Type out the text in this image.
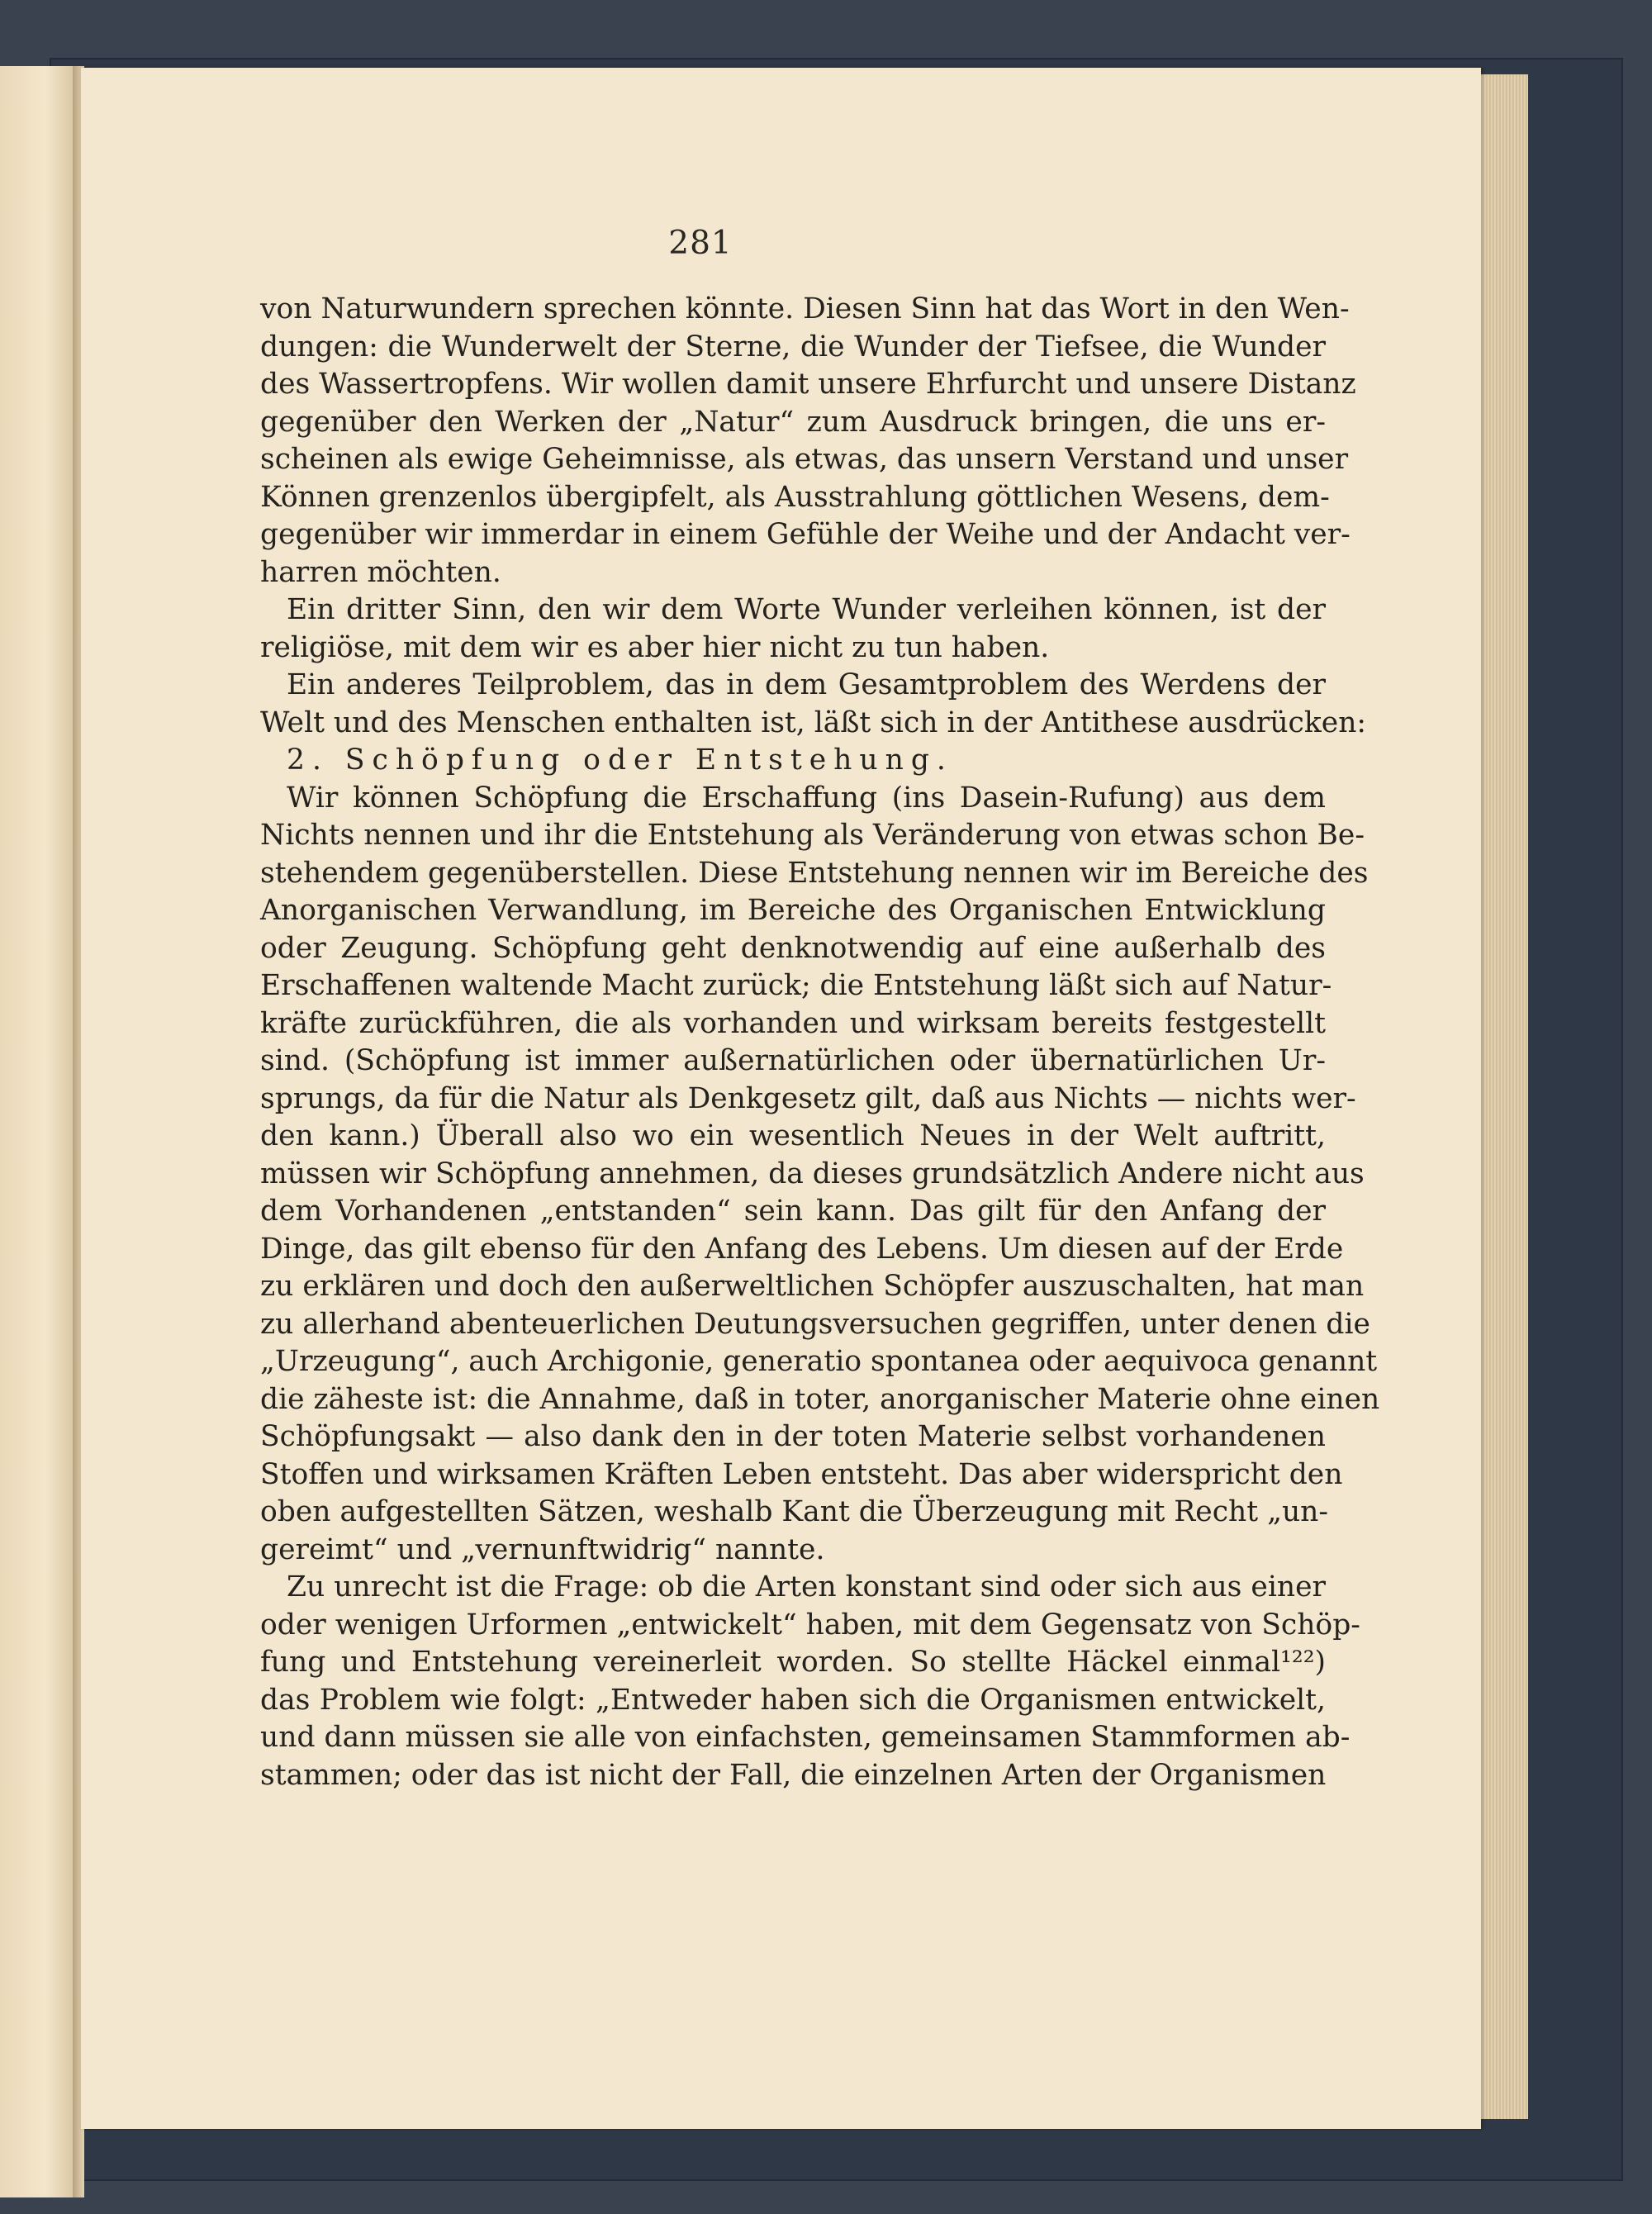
281
von Naturwundern sprechen könnte. Diesen Sinn hat das Wort in den Wen-
dungen: die Wunderwelt der Sterne, die Wunder der Tiefsee, die Wunder
des Wassertropfens. Wir wollen damit unsere Ehrfurcht und unsere Distanz
gegenüber den Werken der „Natur“ zum Ausdruck bringen, die uns er-
scheinen als ewige Geheimnisse, als etwas, das unsern Verstand und unser
Können grenzenlos übergipfelt, als Ausstrahlung göttlichen Wesens, dem-
gegenüber wir immerdar in einem Gefühle der Weihe und der Andacht ver-
harren möchten.
Ein dritter Sinn, den wir dem Worte Wunder verleihen können, ist der
religiöse, mit dem wir es aber hier nicht zu tun haben.
Ein anderes Teilproblem, das in dem Gesamtproblem des Werdens der
Welt und des Menschen enthalten ist, läßt sich in der Antithese ausdrücken:
2. Schöpfung oder Entstehung.
Wir können Schöpfung die Erschaffung (ins Dasein-Rufung) aus dem
Nichts nennen und ihr die Entstehung als Veränderung von etwas schon Be-
stehendem gegenüberstellen. Diese Entstehung nennen wir im Bereiche des
Anorganischen Verwandlung, im Bereiche des Organischen Entwicklung
oder Zeugung. Schöpfung geht denknotwendig auf eine außerhalb des
Erschaffenen waltende Macht zurück; die Entstehung läßt sich auf Natur-
kräfte zurückführen, die als vorhanden und wirksam bereits festgestellt
sind. (Schöpfung ist immer außernatürlichen oder übernatürlichen Ur-
sprungs, da für die Natur als Denkgesetz gilt, daß aus Nichts — nichts wer-
den kann.) Überall also wo ein wesentlich Neues in der Welt auftritt,
müssen wir Schöpfung annehmen, da dieses grundsätzlich Andere nicht aus
dem Vorhandenen „entstanden“ sein kann. Das gilt für den Anfang der
Dinge, das gilt ebenso für den Anfang des Lebens. Um diesen auf der Erde
zu erklären und doch den außerweltlichen Schöpfer auszuschalten, hat man
zu allerhand abenteuerlichen Deutungsversuchen gegriffen, unter denen die
„Urzeugung“, auch Archigonie, generatio spontanea oder aequivoca genannt
die zäheste ist: die Annahme, daß in toter, anorganischer Materie ohne einen
Schöpfungsakt — also dank den in der toten Materie selbst vorhandenen
Stoffen und wirksamen Kräften Leben entsteht. Das aber widerspricht den
oben aufgestellten Sätzen, weshalb Kant die Überzeugung mit Recht „un-
gereimt“ und „vernunftwidrig“ nannte.
Zu unrecht ist die Frage: ob die Arten konstant sind oder sich aus einer
oder wenigen Urformen „entwickelt“ haben, mit dem Gegensatz von Schöp-
fung und Entstehung vereinerleit worden. So stellte Häckel einmal¹²²)
das Problem wie folgt: „Entweder haben sich die Organismen entwickelt,
und dann müssen sie alle von einfachsten, gemeinsamen Stammformen ab-
stammen; oder das ist nicht der Fall, die einzelnen Arten der Organismen
